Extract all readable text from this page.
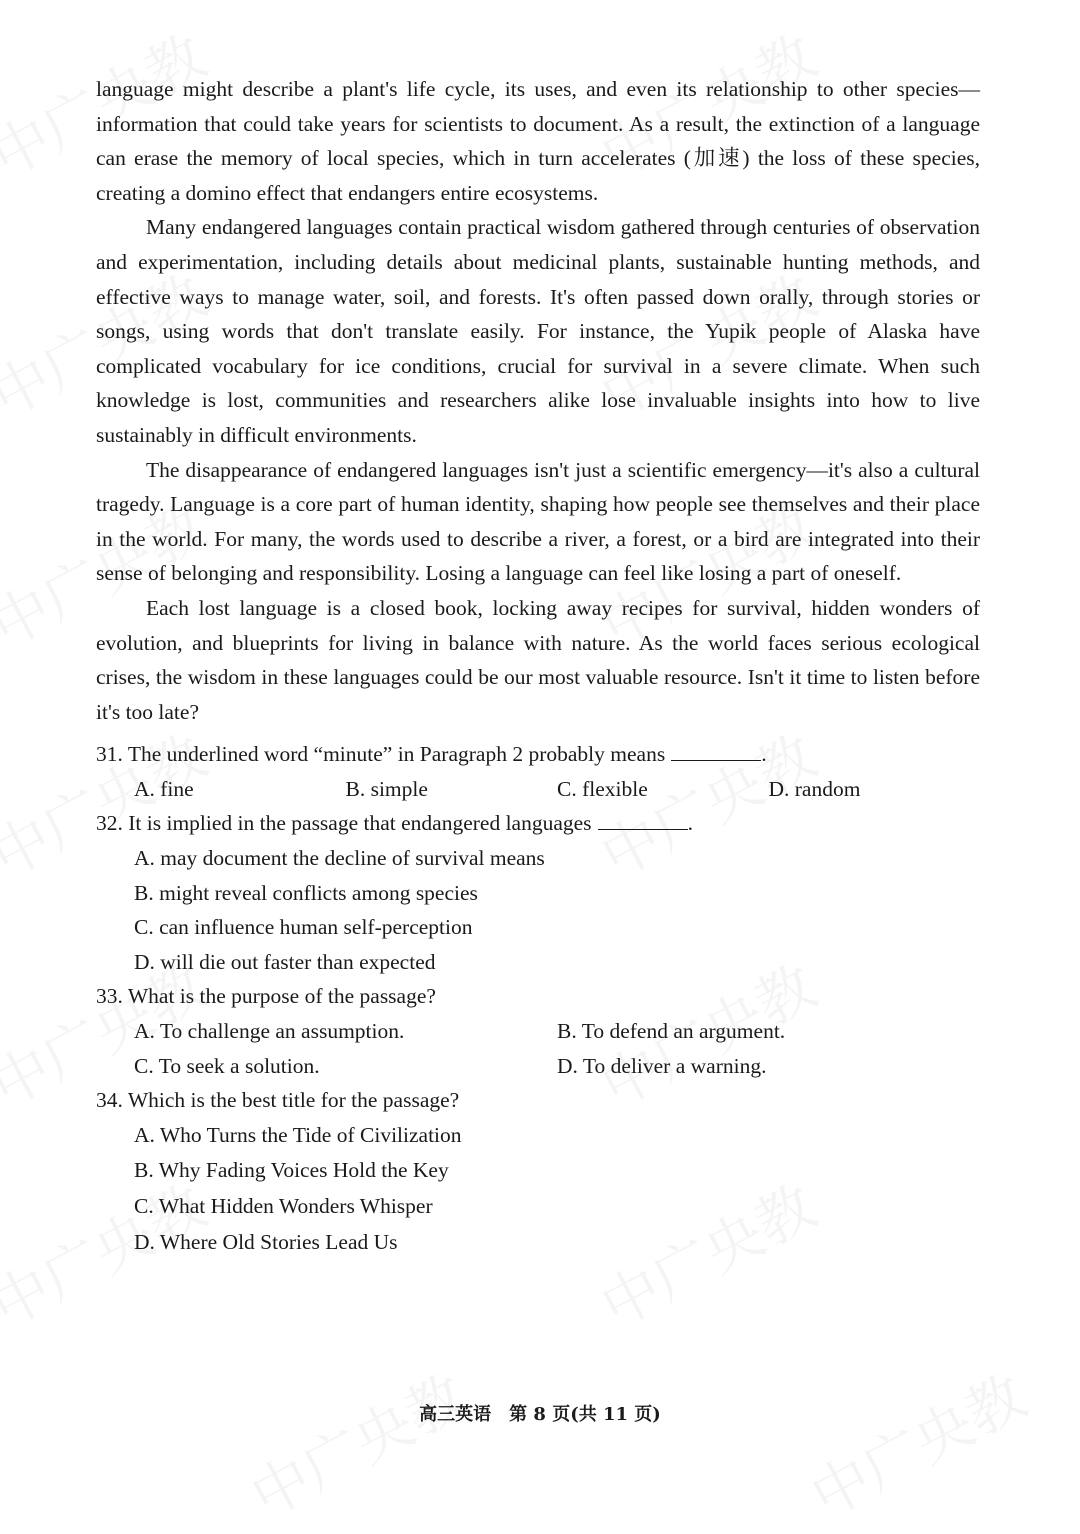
language might describe a plant's life cycle, its uses, and even its relationship to other species—information that could take years for scientists to document. As a result, the extinction of a language can erase the memory of local species, which in turn accelerates (加速) the loss of these species, creating a domino effect that endangers entire ecosystems.

Many endangered languages contain practical wisdom gathered through centuries of observation and experimentation, including details about medicinal plants, sustainable hunting methods, and effective ways to manage water, soil, and forests. It's often passed down orally, through stories or songs, using words that don't translate easily. For instance, the Yupik people of Alaska have complicated vocabulary for ice conditions, crucial for survival in a severe climate. When such knowledge is lost, communities and researchers alike lose invaluable insights into how to live sustainably in difficult environments.

The disappearance of endangered languages isn't just a scientific emergency—it's also a cultural tragedy. Language is a core part of human identity, shaping how people see themselves and their place in the world. For many, the words used to describe a river, a forest, or a bird are integrated into their sense of belonging and responsibility. Losing a language can feel like losing a part of oneself.

Each lost language is a closed book, locking away recipes for survival, hidden wonders of evolution, and blueprints for living in balance with nature. As the world faces serious ecological crises, the wisdom in these languages could be our most valuable resource. Isn't it time to listen before it's too late?

31. The underlined word “minute” in Paragraph 2 probably means	.
A. fine	B. simple	C. flexible	D. random
32. It is implied in the passage that endangered languages	.
A. may document the decline of survival means
B. might reveal conflicts among species
C. can influence human self-perception
D. will die out faster than expected
33. What is the purpose of the passage?
A. To challenge an assumption.	B. To defend an argument.
C. To seek a solution.	D. To deliver a warning.
34. Which is the best title for the passage?
A. Who Turns the Tide of Civilization
B. Why Fading Voices Hold the Key
C. What Hidden Wonders Whisper
D. Where Old Stories Lead Us
高三英语　第 8 页(共 11 页)
